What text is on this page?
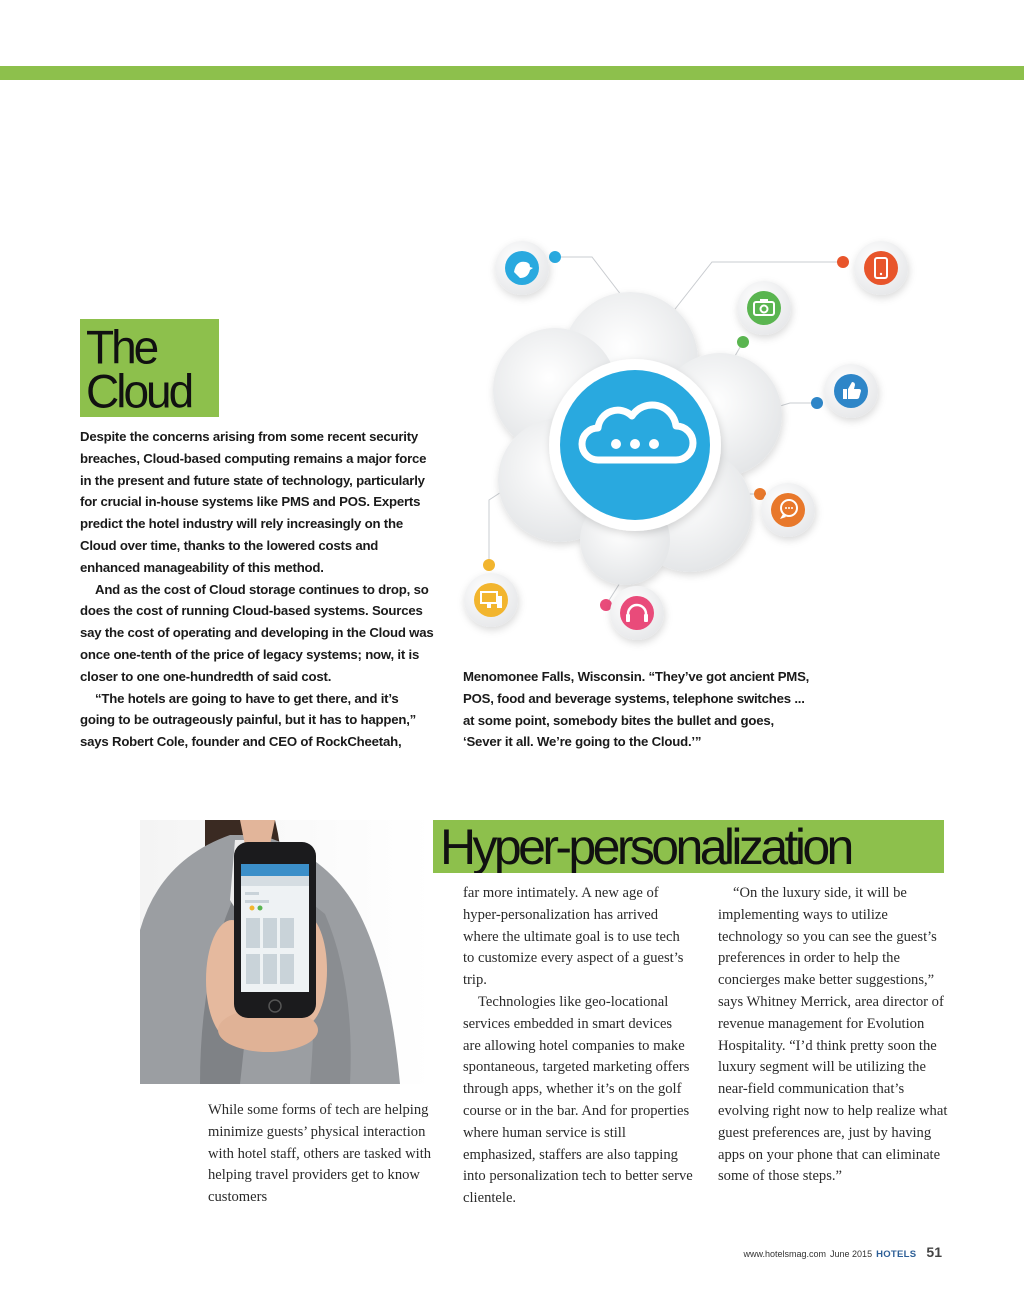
The
Cloud

Despite the concerns arising from some recent security breaches, Cloud-based computing remains a major force in the present and future state of technology, particularly for crucial in-house systems like PMS and POS. Experts predict the hotel industry will rely increasingly on the Cloud over time, thanks to the lowered costs and enhanced manageability of this method.

And as the cost of Cloud storage continues to drop, so does the cost of running Cloud-based systems. Sources say the cost of operating and developing in the Cloud was once one-tenth of the price of legacy systems; now, it is closer to one one-hundredth of said cost.

“The hotels are going to have to get there, and it’s going to be outrageously painful, but it has to happen,” says Robert Cole, founder and CEO of RockCheetah,

Menomonee Falls, Wisconsin. “They’ve got ancient PMS, POS, food and beverage systems, telephone switches ... at some point, somebody bites the bullet and goes, ‘Sever it all. We’re going to the Cloud.’”

Hyper-personalization

While some forms of tech are helping minimize guests’ physical interaction with hotel staff, others are tasked with helping travel providers get to know customers

far more intimately. A new age of hyper-personalization has arrived where the ultimate goal is to use tech to customize every aspect of a guest’s trip.

Technologies like geo-locational services embedded in smart devices are allowing hotel companies to make spontaneous, targeted marketing offers through apps, whether it’s on the golf course or in the bar. And for properties where human service is still emphasized, staffers are also tapping into personalization tech to better serve clientele.

“On the luxury side, it will be implementing ways to utilize technology so you can see the guest’s preferences in order to help the concierges make better suggestions,” says Whitney Merrick, area director of revenue management for Evolution Hospitality. “I’d think pretty soon the luxury segment will be utilizing the near-field communication that’s evolving right now to help realize what guest preferences are, just by having apps on your phone that can eliminate some of those steps.”

www.hotelsmag.com June 2015 HOTELS 51
